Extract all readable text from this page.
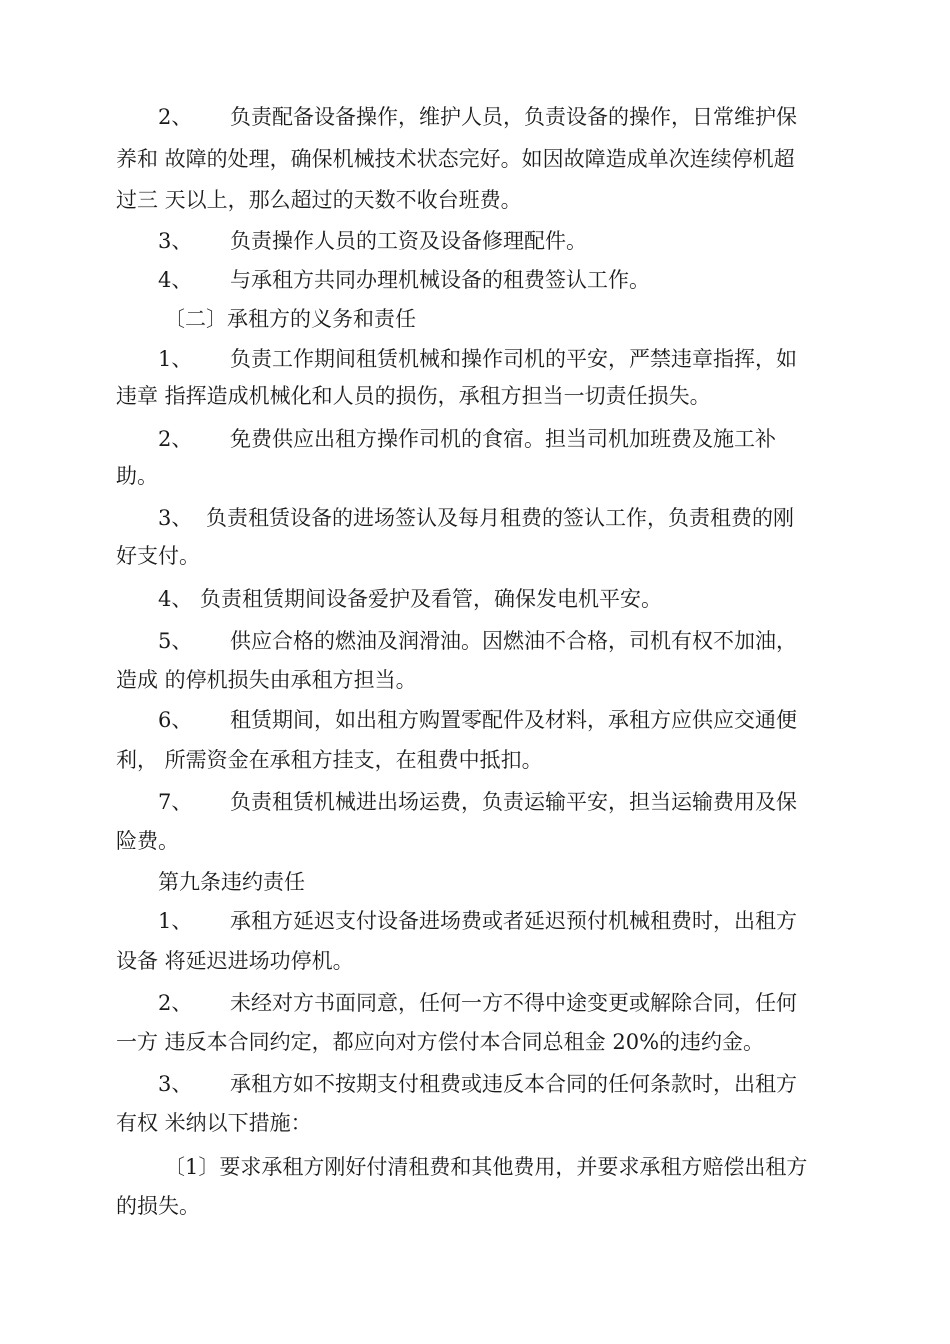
2、 负责配备设备操作，维护人员，负责设备的操作，日常维护保
养和 故障的处理，确保机械技术状态完好。如因故障造成单次连续停机超
过三 天以上，那么超过的天数不收台班费。
3、 负责操作人员的工资及设备修理配件。
4、 与承租方共同办理机械设备的租费签认工作。
〔二〕承租方的义务和责任
1、 负责工作期间租赁机械和操作司机的平安，严禁违章指挥，如
违章 指挥造成机械化和人员的损伤，承租方担当一切责任损失。
2、 免费供应出租方操作司机的食宿。担当司机加班费及施工补
助。
3、 负责租赁设备的进场签认及每月租费的签认工作，负责租费的刚
好支付。
4、 负责租赁期间设备爱护及看管，确保发电机平安。
5、 供应合格的燃油及润滑油。因燃油不合格，司机有权不加油，
造成 的停机损失由承租方担当。
6、 租赁期间，如出租方购置零配件及材料，承租方应供应交通便
利， 所需资金在承租方挂支，在租费中抵扣。
7、 负责租赁机械进出场运费，负责运输平安，担当运输费用及保
险费。
第九条违约责任
1、 承租方延迟支付设备进场费或者延迟预付机械租费时，出租方
设备 将延迟进场功停机。
2、 未经对方书面同意，任何一方不得中途变更或解除合同，任何
一方 违反本合同约定，都应向对方偿付本合同总租金 20%的违约金。
3、 承租方如不按期支付租费或违反本合同的任何条款时，出租方
有权 米纳以下措施：
〔1〕要求承租方刚好付清租费和其他费用，并要求承租方赔偿出租方
的损失。
